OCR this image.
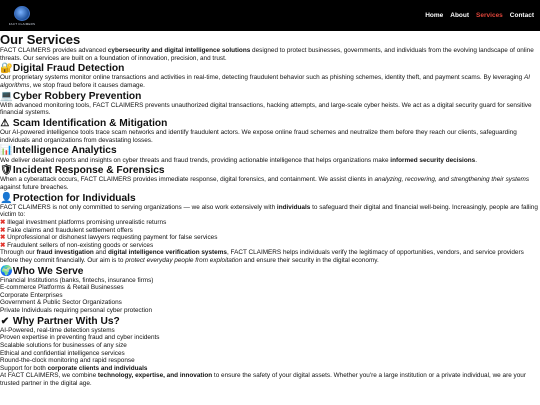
FACT CLAIMERS
Home About Services Contact
Our Services

FACT CLAIMERS provides advanced cybersecurity and digital intelligence solutions designed to protect businesses, governments, and individuals from the evolving landscape of online threats. Our services are built on a foundation of innovation, precision, and trust.

🔐 Digital Fraud Detection

Our proprietary systems monitor online transactions and activities in real-time, detecting fraudulent behavior such as phishing schemes, identity theft, and payment scams. By leveraging AI algorithms, we stop fraud before it causes damage.

💻 Cyber Robbery Prevention

With advanced monitoring tools, FACT CLAIMERS prevents unauthorized digital transactions, hacking attempts, and large-scale cyber heists. We act as a digital security guard for sensitive financial systems.

⚠ Scam Identification & Mitigation

Our AI-powered intelligence tools trace scam networks and identify fraudulent actors. We expose online fraud schemes and neutralize them before they reach our clients, safeguarding individuals and organizations from devastating losses.

📊 Intelligence Analytics

We deliver detailed reports and insights on cyber threats and fraud trends, providing actionable intelligence that helps organizations make informed security decisions.

🛡 Incident Response & Forensics

When a cyberattack occurs, FACT CLAIMERS provides immediate response, digital forensics, and containment. We assist clients in analyzing, recovering, and strengthening their systems against future breaches.

👤 Protection for Individuals

FACT CLAIMERS is not only committed to serving organizations — we also work extensively with individuals to safeguard their digital and financial well-being. Increasingly, people are falling victim to:

✖ Illegal investment platforms promising unrealistic returns
✖ Fake claims and fraudulent settlement offers
✖ Unprofessional or dishonest lawyers requesting payment for false services
✖ Fraudulent sellers of non-existing goods or services

Through our fraud investigation and digital intelligence verification systems, FACT CLAIMERS helps individuals verify the legitimacy of opportunities, vendors, and service providers before they commit financially. Our aim is to protect everyday people from exploitation and ensure their security in the digital economy.

🌍 Who We Serve
Financial Institutions (banks, fintechs, insurance firms)
E-commerce Platforms & Retail Businesses
Corporate Enterprises
Government & Public Sector Organizations
Private Individuals requiring personal cyber protection
✔ Why Partner With Us?
AI-Powered, real-time detection systems
Proven expertise in preventing fraud and cyber incidents
Scalable solutions for businesses of any size
Ethical and confidential intelligence services
Round-the-clock monitoring and rapid response
Support for both corporate clients and individuals

At FACT CLAIMERS, we combine technology, expertise, and innovation to ensure the safety of your digital assets. Whether you're a large institution or a private individual, we are your trusted partner in the digital age.
